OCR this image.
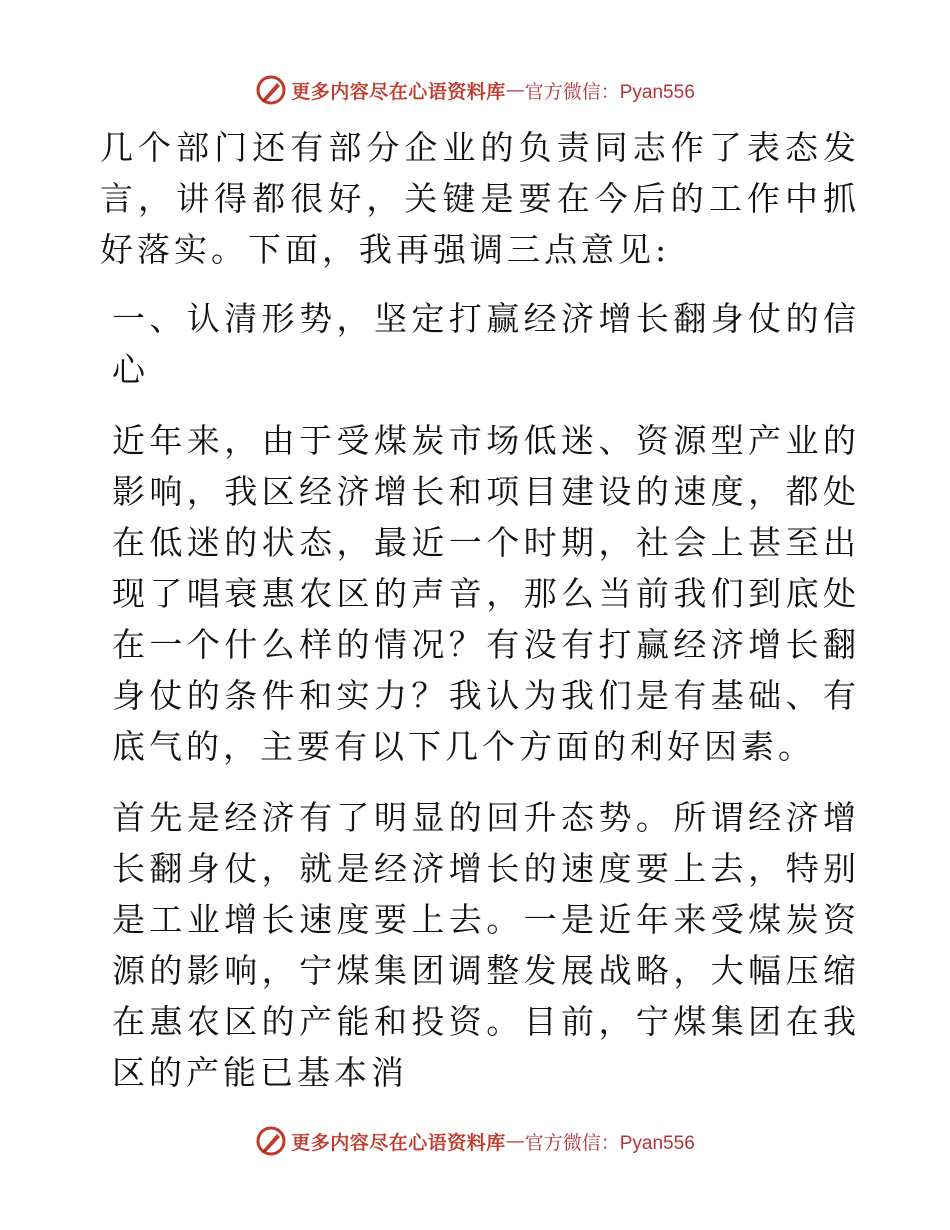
更多内容尽在心语资料库 — 官方微信：Pyan556

几个部门还有部分企业的负责同志作了表态发言，讲得都很好，关键是要在今后的工作中抓好落实。下面，我再强调三点意见:

一、认清形势，坚定打赢经济增长翻身仗的信心

近年来，由于受煤炭市场低迷、资源型产业的影响，我区经济增长和项目建设的速度，都处在低迷的状态，最近一个时期，社会上甚至出现了唱衰惠农区的声音，那么当前我们到底处在一个什么样的情况？有没有打赢经济增长翻身仗的条件和实力？我认为我们是有基础、有底气的，主要有以下几个方面的利好因素。

首先是经济有了明显的回升态势。所谓经济增长翻身仗，就是经济增长的速度要上去，特别是工业增长速度要上去。一是近年来受煤炭资源的影响，宁煤集团调整发展战略，大幅压缩在惠农区的产能和投资。目前，宁煤集团在我区的产能已基本消

更多内容尽在心语资料库 — 官方微信：Pyan556
